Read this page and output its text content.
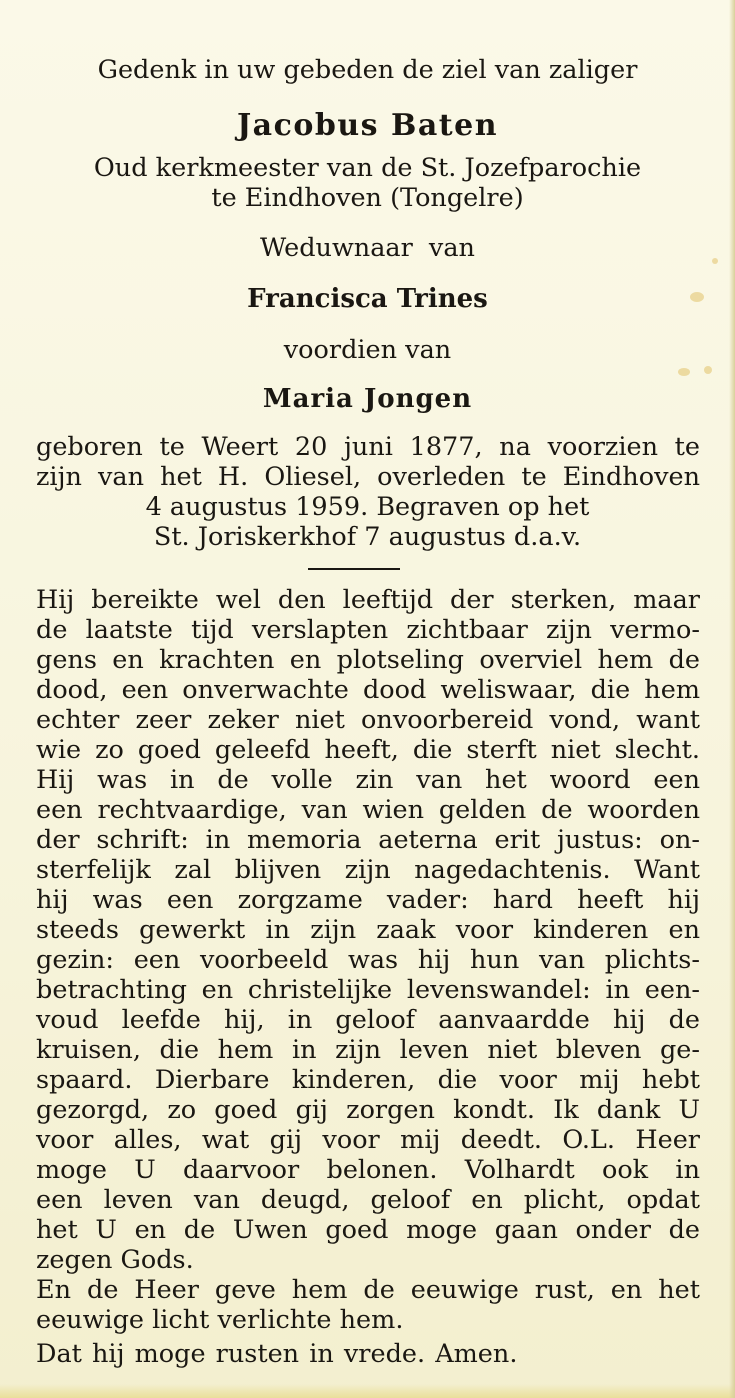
Gedenk in uw gebeden de ziel van zaliger
Jacobus Baten
Oud kerkmeester van de St. Jozefparochie
te Eindhoven (Tongelre)
Weduwnaar van
Francisca Trines
voordien van
Maria Jongen
geboren te Weert 20 juni 1877, na voorzien te
zijn van het H. Oliesel, overleden te Eindhoven
4 augustus 1959. Begraven op het
St. Joriskerkhof 7 augustus d.a.v.
Hij bereikte wel den leeftijd der sterken, maar
de laatste tijd verslapten zichtbaar zijn vermo-
gens en krachten en plotseling overviel hem de
dood, een onverwachte dood weliswaar, die hem
echter zeer zeker niet onvoorbereid vond, want
wie zo goed geleefd heeft, die sterft niet slecht.
Hij was in de volle zin van het woord een
een rechtvaardige, van wien gelden de woorden
der schrift: in memoria aeterna erit justus: on-
sterfelijk zal blijven zijn nagedachtenis. Want
hij was een zorgzame vader: hard heeft hij
steeds gewerkt in zijn zaak voor kinderen en
gezin: een voorbeeld was hij hun van plichts-
betrachting en christelijke levenswandel: in een-
voud leefde hij, in geloof aanvaardde hij de
kruisen, die hem in zijn leven niet bleven ge-
spaard. Dierbare kinderen, die voor mij hebt
gezorgd, zo goed gij zorgen kondt. Ik dank U
voor alles, wat gij voor mij deedt. O.L. Heer
moge U daarvoor belonen. Volhardt ook in
een leven van deugd, geloof en plicht, opdat
het U en de Uwen goed moge gaan onder de
zegen Gods.
En de Heer geve hem de eeuwige rust, en het
eeuwige licht verlichte hem.
Dat hij moge rusten in vrede. Amen.
